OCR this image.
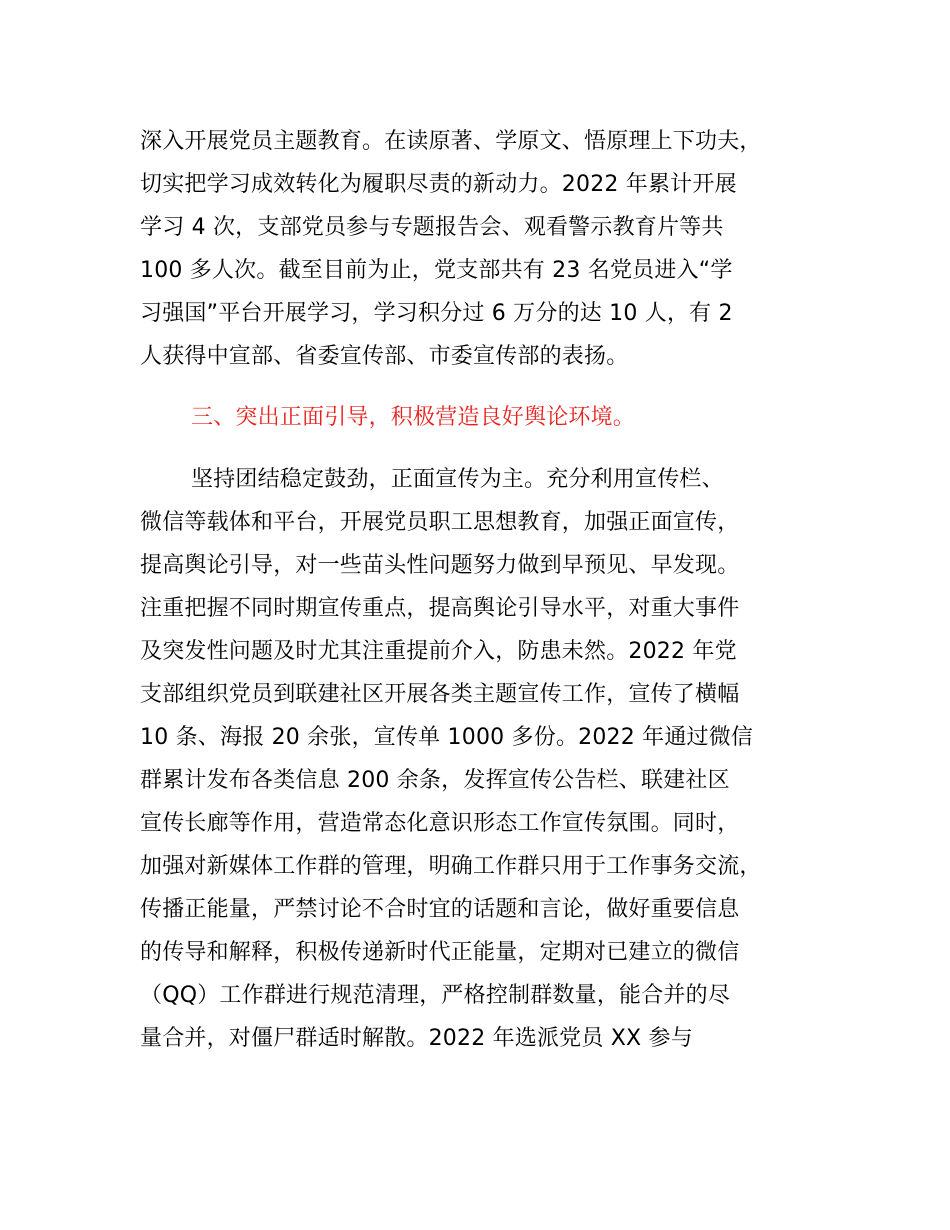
深入开展党员主题教育。在读原著、学原文、悟原理上下功夫，
切实把学习成效转化为履职尽责的新动力。2022 年累计开展
学习 4 次，支部党员参与专题报告会、观看警示教育片等共
100 多人次。截至目前为止，党支部共有 23 名党员进入“学
习强国”平台开展学习，学习积分过 6 万分的达 10 人，有 2
人获得中宣部、省委宣传部、市委宣传部的表扬。
三、突出正面引导，积极营造良好舆论环境。
坚持团结稳定鼓劲，正面宣传为主。充分利用宣传栏、
微信等载体和平台，开展党员职工思想教育，加强正面宣传，
提高舆论引导，对一些苗头性问题努力做到早预见、早发现。
注重把握不同时期宣传重点，提高舆论引导水平，对重大事件
及突发性问题及时尤其注重提前介入，防患未然。2022 年党
支部组织党员到联建社区开展各类主题宣传工作，宣传了横幅
10 条、海报 20 余张，宣传单 1000 多份。2022 年通过微信
群累计发布各类信息 200 余条，发挥宣传公告栏、联建社区
宣传长廊等作用，营造常态化意识形态工作宣传氛围。同时，
加强对新媒体工作群的管理，明确工作群只用于工作事务交流，
传播正能量，严禁讨论不合时宜的话题和言论，做好重要信息
的传导和解释，积极传递新时代正能量，定期对已建立的微信
（QQ）工作群进行规范清理，严格控制群数量，能合并的尽
量合并，对僵尸群适时解散。2022 年选派党员 XX 参与
